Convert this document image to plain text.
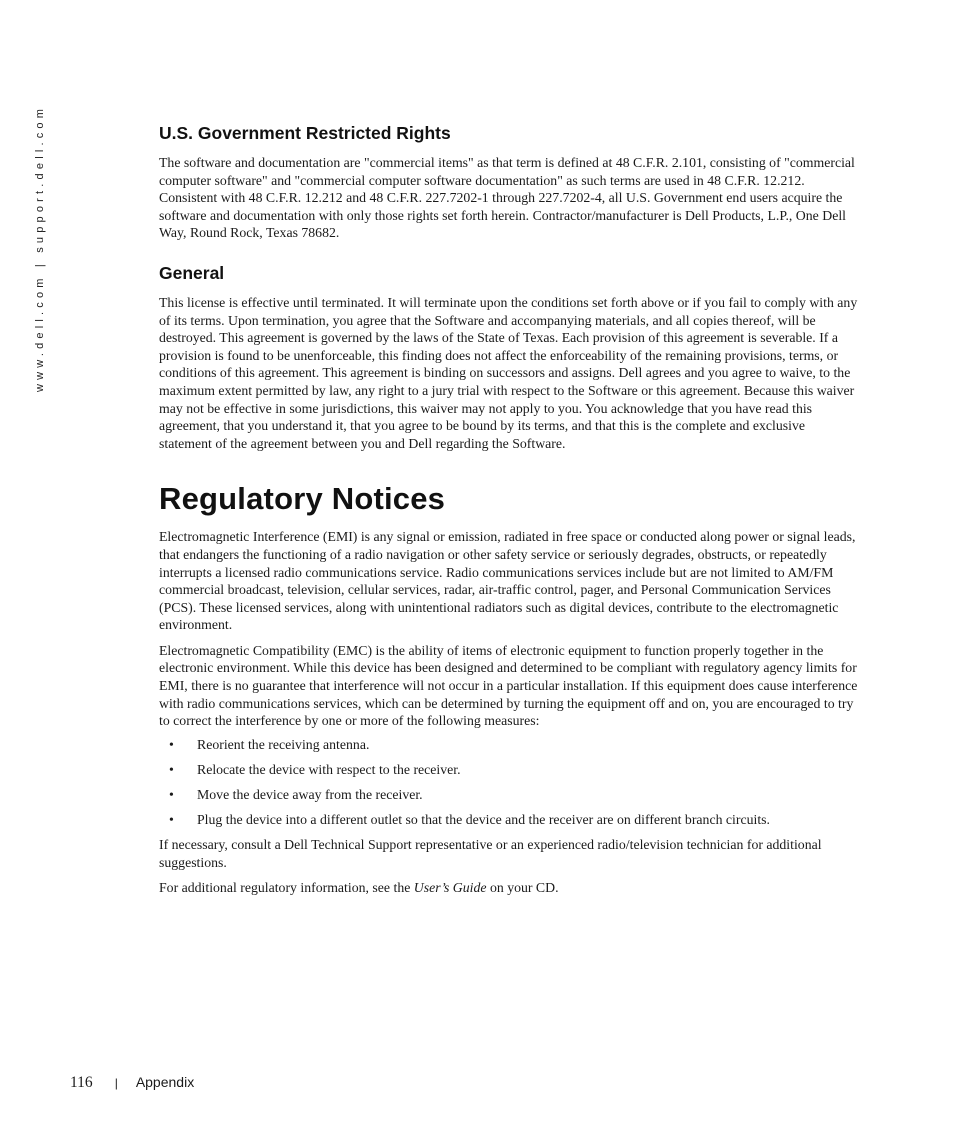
www.dell.com | support.dell.com	U.S. Government Restricted Rights

The software and documentation are "commercial items" as that term is defined at 48 C.F.R. 2.101, consisting of "commercial computer software" and "commercial computer software documentation" as such terms are used in 48 C.F.R. 12.212. Consistent with 48 C.F.R. 12.212 and 48 C.F.R. 227.7202-1 through 227.7202-4, all U.S. Government end users acquire the software and documentation with only those rights set forth herein. Contractor/manufacturer is Dell Products, L.P., One Dell Way, Round Rock, Texas 78682.

General

This license is effective until terminated. It will terminate upon the conditions set forth above or if you fail to comply with any of its terms. Upon termination, you agree that the Software and accompanying materials, and all copies thereof, will be destroyed. This agreement is governed by the laws of the State of Texas. Each provision of this agreement is severable. If a provision is found to be unenforceable, this finding does not affect the enforceability of the remaining provisions, terms, or conditions of this agreement. This agreement is binding on successors and assigns. Dell agrees and you agree to waive, to the maximum extent permitted by law, any right to a jury trial with respect to the Software or this agreement. Because this waiver may not be effective in some jurisdictions, this waiver may not apply to you. You acknowledge that you have read this agreement, that you understand it, that you agree to be bound by its terms, and that this is the complete and exclusive statement of the agreement between you and Dell regarding the Software.

Regulatory Notices

Electromagnetic Interference (EMI) is any signal or emission, radiated in free space or conducted along power or signal leads, that endangers the functioning of a radio navigation or other safety service or seriously degrades, obstructs, or repeatedly interrupts a licensed radio communications service. Radio communications services include but are not limited to AM/FM commercial broadcast, television, cellular services, radar, air-traffic control, pager, and Personal Communication Services (PCS). These licensed services, along with unintentional radiators such as digital devices, contribute to the electromagnetic environment.

Electromagnetic Compatibility (EMC) is the ability of items of electronic equipment to function properly together in the electronic environment. While this device has been designed and determined to be compliant with regulatory agency limits for EMI, there is no guarantee that interference will not occur in a particular installation. If this equipment does cause interference with radio communications services, which can be determined by turning the equipment off and on, you are encouraged to try to correct the interference by one or more of the following measures:

• Reorient the receiving antenna.
• Relocate the device with respect to the receiver.
• Move the device away from the receiver.
• Plug the device into a different outlet so that the device and the receiver are on different branch circuits.

If necessary, consult a Dell Technical Support representative or an experienced radio/television technician for additional suggestions.

For additional regulatory information, see the User’s Guide on your CD.

116 | Appendix
